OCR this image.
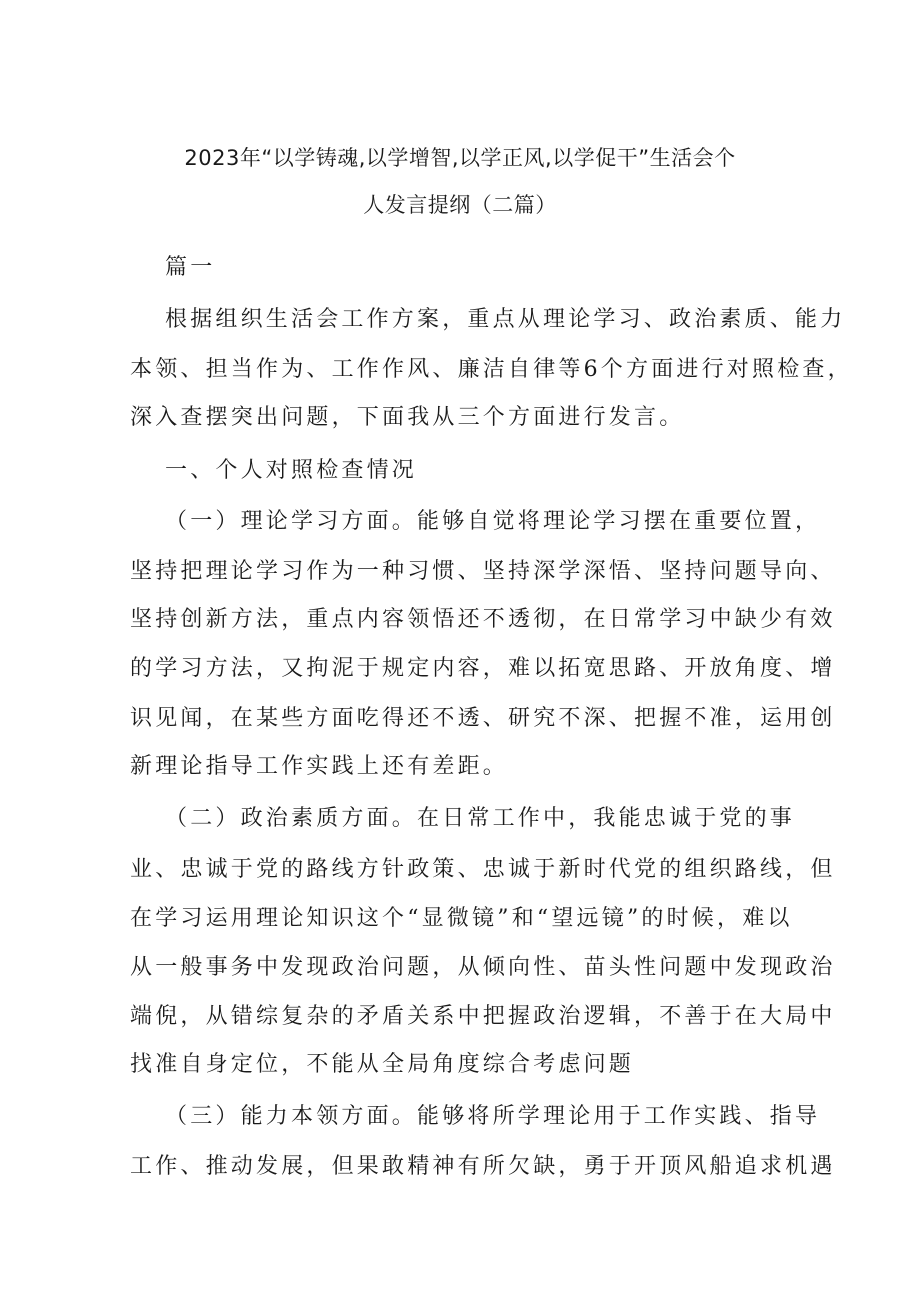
2023年“以学铸魂,以学增智,以学正风,以学促干”生活会个

人发言提纲（二篇）

篇一

根据组织生活会工作方案，重点从理论学习、政治素质、能力

本领、担当作为、工作作风、廉洁自律等6个方面进行对照检查，

深入查摆突出问题，下面我从三个方面进行发言。

一、个人对照检查情况

（一）理论学习方面。能够自觉将理论学习摆在重要位置，

坚持把理论学习作为一种习惯、坚持深学深悟、坚持问题导向、

坚持创新方法，重点内容领悟还不透彻，在日常学习中缺少有效

的学习方法，又拘泥于规定内容，难以拓宽思路、开放角度、增

识见闻，在某些方面吃得还不透、研究不深、把握不准，运用创

新理论指导工作实践上还有差距。

（二）政治素质方面。在日常工作中，我能忠诚于党的事

业、忠诚于党的路线方针政策、忠诚于新时代党的组织路线，但

在学习运用理论知识这个“显微镜”和“望远镜”的时候，难以

从一般事务中发现政治问题，从倾向性、苗头性问题中发现政治

端倪，从错综复杂的矛盾关系中把握政治逻辑，不善于在大局中

找准自身定位，不能从全局角度综合考虑问题

（三）能力本领方面。能够将所学理论用于工作实践、指导

工作、推动发展，但果敢精神有所欠缺，勇于开顶风船追求机遇
